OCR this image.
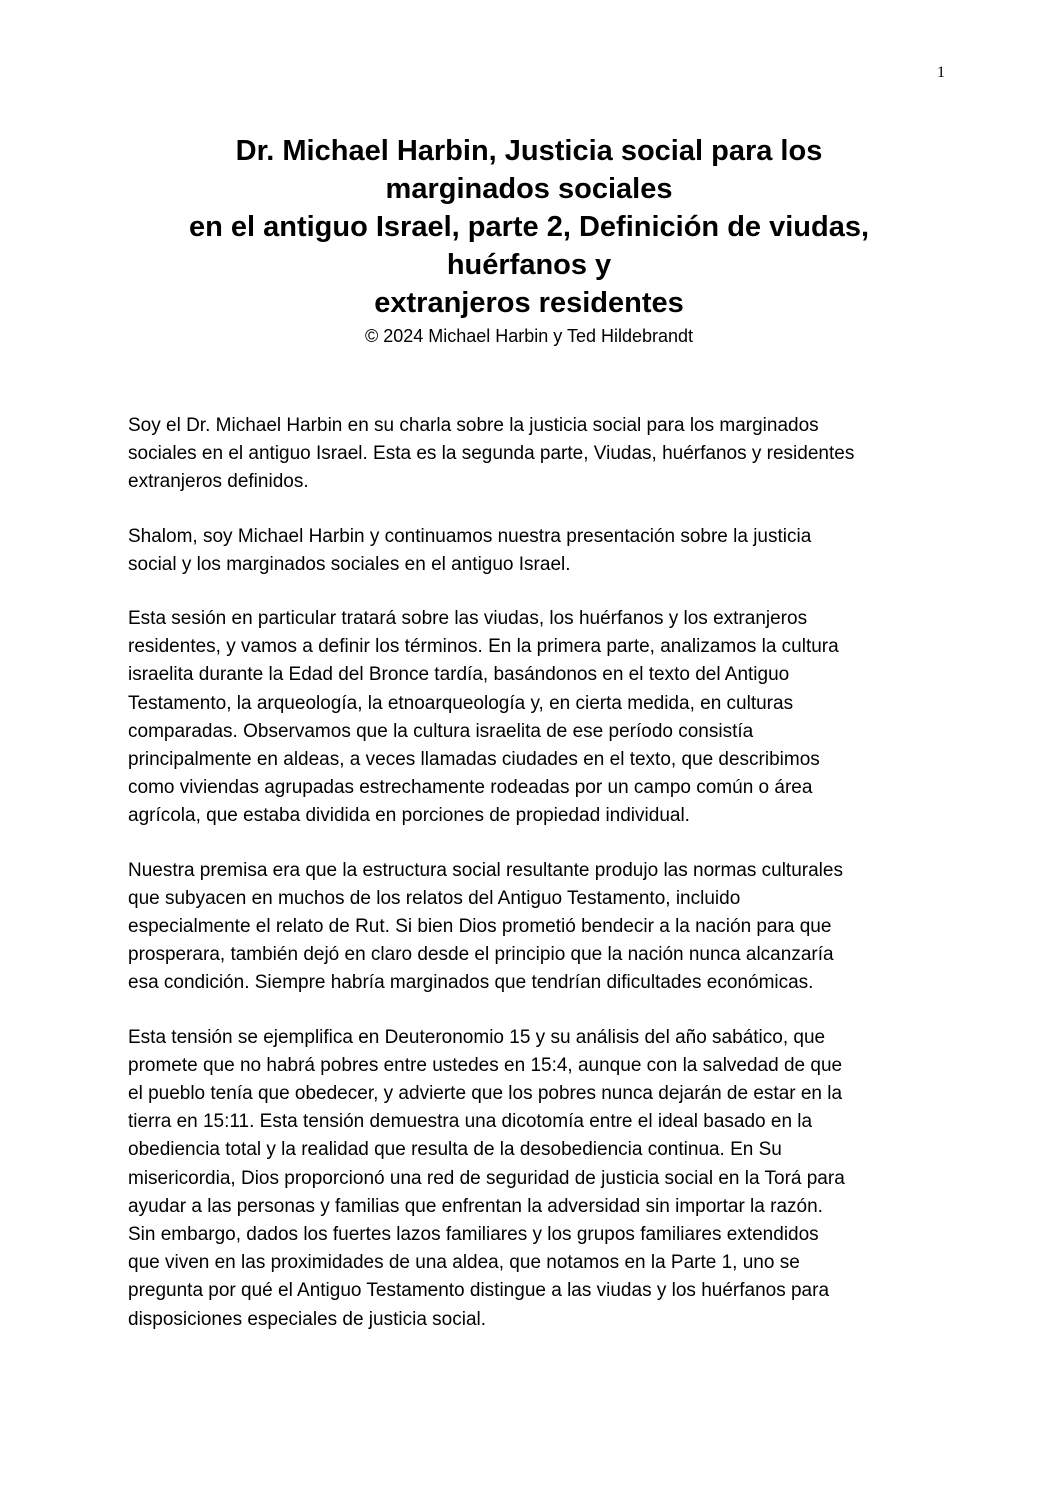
1
Dr. Michael Harbin, Justicia social para los
marginados sociales
en el antiguo Israel, parte 2, Definición de viudas,
huérfanos y
extranjeros residentes
© 2024 Michael Harbin y Ted Hildebrandt
Soy el Dr. Michael Harbin en su charla sobre la justicia social para los marginados
sociales en el antiguo Israel. Esta es la segunda parte, Viudas, huérfanos y residentes
extranjeros definidos.
Shalom, soy Michael Harbin y continuamos nuestra presentación sobre la justicia
social y los marginados sociales en el antiguo Israel.
Esta sesión en particular tratará sobre las viudas, los huérfanos y los extranjeros
residentes, y vamos a definir los términos. En la primera parte, analizamos la cultura
israelita durante la Edad del Bronce tardía, basándonos en el texto del Antiguo
Testamento, la arqueología, la etnoarqueología y, en cierta medida, en culturas
comparadas. Observamos que la cultura israelita de ese período consistía
principalmente en aldeas, a veces llamadas ciudades en el texto, que describimos
como viviendas agrupadas estrechamente rodeadas por un campo común o área
agrícola, que estaba dividida en porciones de propiedad individual.
Nuestra premisa era que la estructura social resultante produjo las normas culturales
que subyacen en muchos de los relatos del Antiguo Testamento, incluido
especialmente el relato de Rut. Si bien Dios prometió bendecir a la nación para que
prosperara, también dejó en claro desde el principio que la nación nunca alcanzaría
esa condición. Siempre habría marginados que tendrían dificultades económicas.
Esta tensión se ejemplifica en Deuteronomio 15 y su análisis del año sabático, que
promete que no habrá pobres entre ustedes en 15:4, aunque con la salvedad de que
el pueblo tenía que obedecer, y advierte que los pobres nunca dejarán de estar en la
tierra en 15:11. Esta tensión demuestra una dicotomía entre el ideal basado en la
obediencia total y la realidad que resulta de la desobediencia continua. En Su
misericordia, Dios proporcionó una red de seguridad de justicia social en la Torá para
ayudar a las personas y familias que enfrentan la adversidad sin importar la razón.
Sin embargo, dados los fuertes lazos familiares y los grupos familiares extendidos
que viven en las proximidades de una aldea, que notamos en la Parte 1, uno se
pregunta por qué el Antiguo Testamento distingue a las viudas y los huérfanos para
disposiciones especiales de justicia social.
